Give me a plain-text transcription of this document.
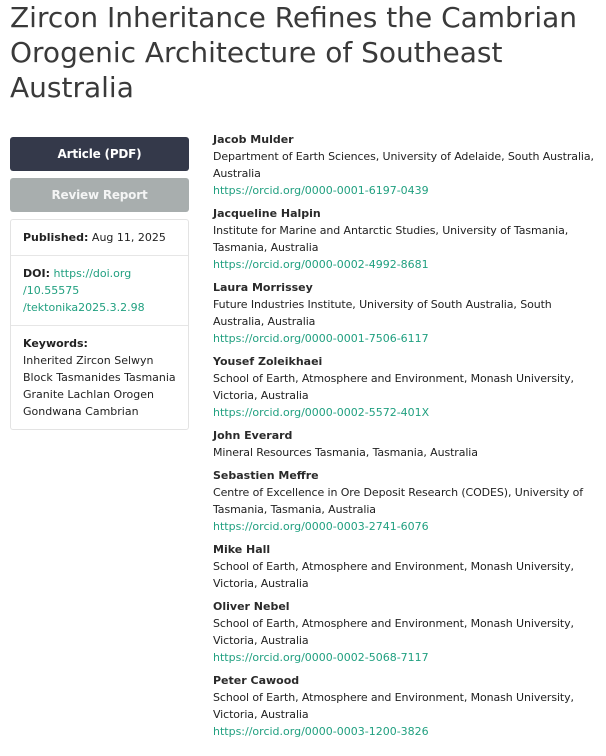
Zircon Inheritance Refines the Cambrian Orogenic Architecture of Southeast Australia
Article (PDF)
Review Report
Published: Aug 11, 2025
DOI: https://doi.org
/10.55575
/tektonika2025.3.2.98
Keywords:
Inherited Zircon Selwyn Block Tasmanides Tasmania Granite Lachlan Orogen Gondwana Cambrian
Jacob Mulder
Department of Earth Sciences, University of Adelaide, South Australia, Australia
https://orcid.org/0000-0001-6197-0439
Jacqueline Halpin
Institute for Marine and Antarctic Studies, University of Tasmania, Tasmania, Australia
https://orcid.org/0000-0002-4992-8681
Laura Morrissey
Future Industries Institute, University of South Australia, South Australia, Australia
https://orcid.org/0000-0001-7506-6117
Yousef Zoleikhaei
School of Earth, Atmosphere and Environment, Monash University, Victoria, Australia
https://orcid.org/0000-0002-5572-401X
John Everard
Mineral Resources Tasmania, Tasmania, Australia
Sebastien Meffre
Centre of Excellence in Ore Deposit Research (CODES), University of Tasmania, Tasmania, Australia
https://orcid.org/0000-0003-2741-6076
Mike Hall
School of Earth, Atmosphere and Environment, Monash University, Victoria, Australia
Oliver Nebel
School of Earth, Atmosphere and Environment, Monash University, Victoria, Australia
https://orcid.org/0000-0002-5068-7117
Peter Cawood
School of Earth, Atmosphere and Environment, Monash University, Victoria, Australia
https://orcid.org/0000-0003-1200-3826
